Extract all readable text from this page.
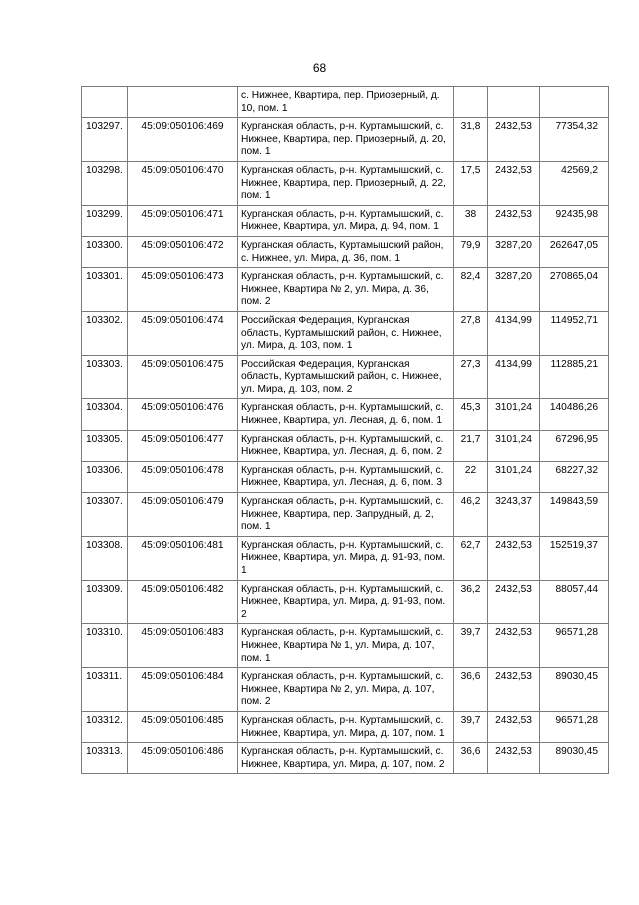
68
		с. Нижнее, Квартира, пер. Приозерный, д. 10, пом. 1			
103297.	45:09:050106:469	Курганская область, р-н. Куртамышский, с. Нижнее, Квартира, пер. Приозерный, д. 20, пом. 1	31,8	2432,53	77354,32
103298.	45:09:050106:470	Курганская область, р-н. Куртамышский, с. Нижнее, Квартира, пер. Приозерный, д. 22, пом. 1	17,5	2432,53	42569,2
103299.	45:09:050106:471	Курганская область, р-н. Куртамышский, с. Нижнее, Квартира, ул. Мира, д. 94, пом. 1	38	2432,53	92435,98
103300.	45:09:050106:472	Курганская область, Куртамышский район, с. Нижнее, ул. Мира, д. 36, пом. 1	79,9	3287,20	262647,05
103301.	45:09:050106:473	Курганская область, р-н. Куртамышский, с. Нижнее, Квартира № 2, ул. Мира, д. 36, пом. 2	82,4	3287,20	270865,04
103302.	45:09:050106:474	Российская Федерация, Курганская область, Куртамышский район, с. Нижнее, ул. Мира, д. 103, пом. 1	27,8	4134,99	114952,71
103303.	45:09:050106:475	Российская Федерация, Курганская область, Куртамышский район, с. Нижнее, ул. Мира, д. 103, пом. 2	27,3	4134,99	112885,21
103304.	45:09:050106:476	Курганская область, р-н. Куртамышский, с. Нижнее, Квартира, ул. Лесная, д. 6, пом. 1	45,3	3101,24	140486,26
103305.	45:09:050106:477	Курганская область, р-н. Куртамышский, с. Нижнее, Квартира, ул. Лесная, д. 6, пом. 2	21,7	3101,24	67296,95
103306.	45:09:050106:478	Курганская область, р-н. Куртамышский, с. Нижнее, Квартира, ул. Лесная, д. 6, пом. 3	22	3101,24	68227,32
103307.	45:09:050106:479	Курганская область, р-н. Куртамышский, с. Нижнее, Квартира, пер. Запрудный, д. 2, пом. 1	46,2	3243,37	149843,59
103308.	45:09:050106:481	Курганская область, р-н. Куртамышский, с. Нижнее, Квартира, ул. Мира, д. 91-93, пом. 1	62,7	2432,53	152519,37
103309.	45:09:050106:482	Курганская область, р-н. Куртамышский, с. Нижнее, Квартира, ул. Мира, д. 91-93, пом. 2	36,2	2432,53	88057,44
103310.	45:09:050106:483	Курганская область, р-н. Куртамышский, с. Нижнее, Квартира № 1, ул. Мира, д. 107, пом. 1	39,7	2432,53	96571,28
103311.	45:09:050106:484	Курганская область, р-н. Куртамышский, с. Нижнее, Квартира № 2, ул. Мира, д. 107, пом. 2	36,6	2432,53	89030,45
103312.	45:09:050106:485	Курганская область, р-н. Куртамышский, с. Нижнее, Квартира, ул. Мира, д. 107, пом. 1	39,7	2432,53	96571,28
103313.	45:09:050106:486	Курганская область, р-н. Куртамышский, с. Нижнее, Квартира, ул. Мира, д. 107, пом. 2	36,6	2432,53	89030,45
